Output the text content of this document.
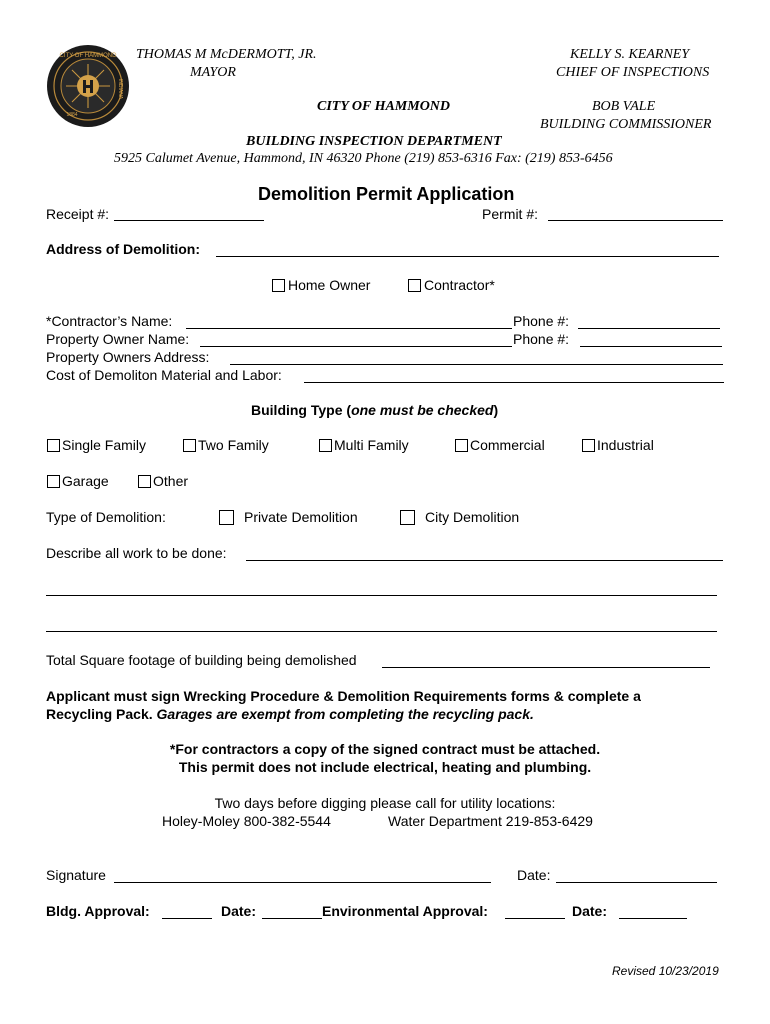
CITY OF HAMMOND
INDIANA
1884
THOMAS M McDERMOTT, JR.
MAYOR
KELLY S. KEARNEY
CHIEF OF INSPECTIONS
CITY OF HAMMOND	BOB VALE
BUILDING COMMISSIONER
BUILDING INSPECTION DEPARTMENT
5925 Calumet Avenue, Hammond, IN 46320 Phone (219) 853-6316 Fax: (219) 853-6456
Demolition Permit Application
Receipt #:	Permit #:
Address of Demolition:
Home Owner	Contractor*
*Contractor’s Name:	Phone #:
Property Owner Name:	Phone #:
Property Owners Address:
Cost of Demoliton Material and Labor:
Building Type (one must be checked)
Single Family	Two Family	Multi Family	Commercial	Industrial
Garage	Other
Type of Demolition:	Private Demolition	City Demolition
Describe all work to be done:
Total Square footage of building being demolished
Applicant must sign Wrecking Procedure & Demolition Requirements forms & complete a
Recycling Pack. Garages are exempt from completing the recycling pack.
*For contractors a copy of the signed contract must be attached.
This permit does not include electrical, heating and plumbing.
Two days before digging please call for utility locations:
Holey-Moley 800-382-5544	Water Department 219-853-6429
Signature	Date:
Bldg. Approval:	Date:	Environmental Approval:	Date:
Revised 10/23/2019
